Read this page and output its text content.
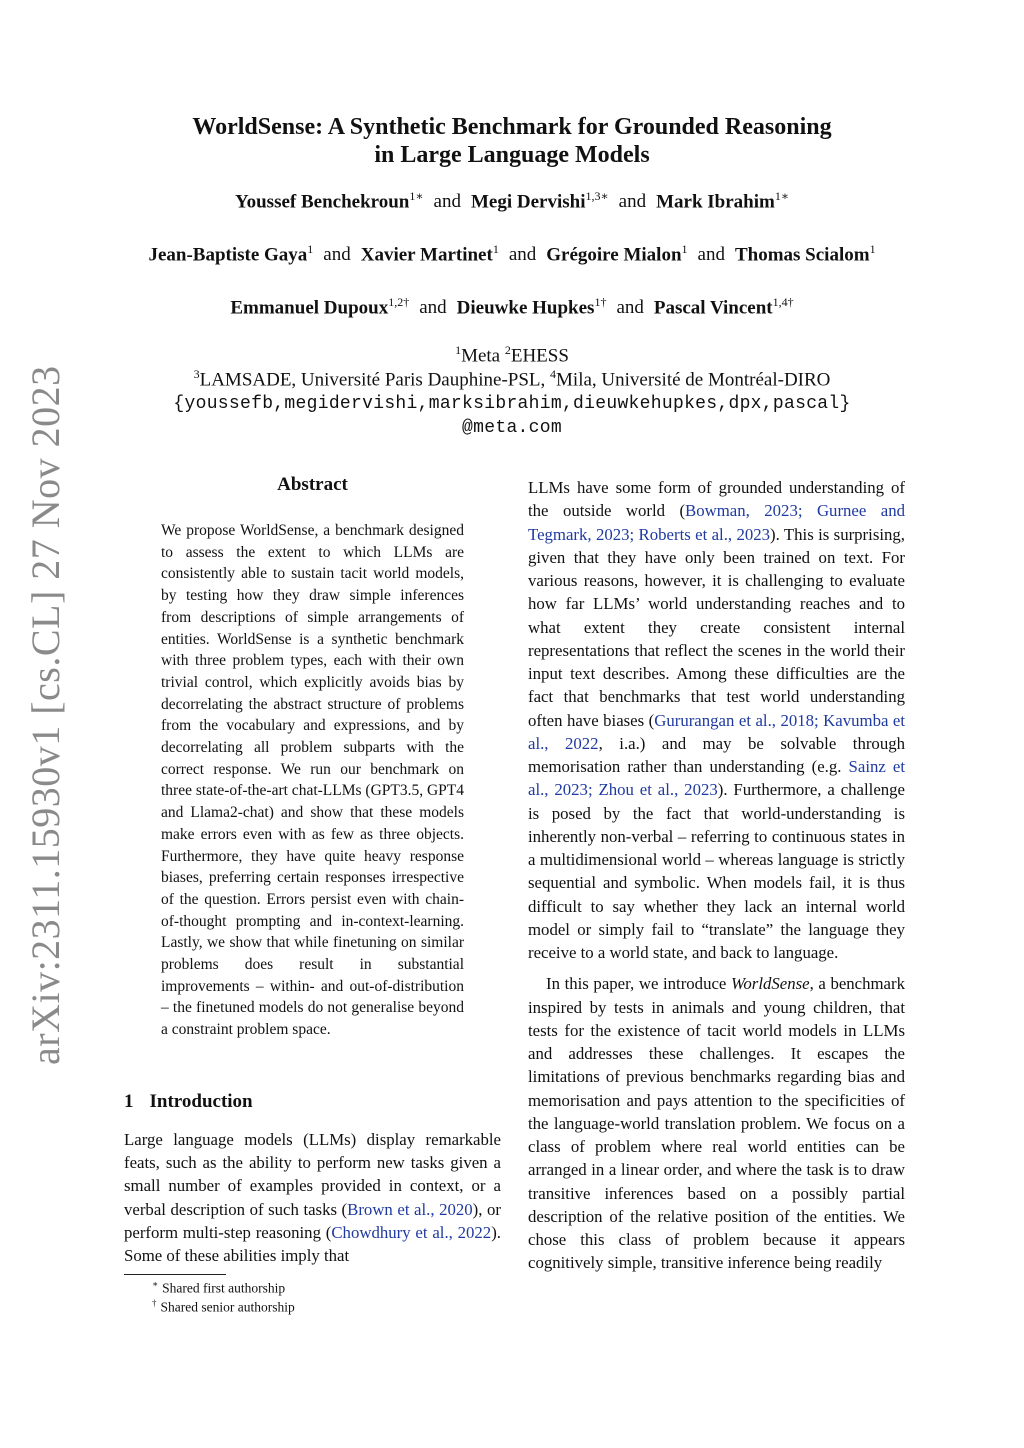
arXiv:2311.15930v1 [cs.CL] 27 Nov 2023
WorldSense: A Synthetic Benchmark for Grounded Reasoning
in Large Language Models
Youssef Benchekroun$^{1∗}$ and Megi Dervishi$^{1,3∗}$ and Mark Ibrahim$^{1∗}$
Jean-Baptiste Gaya$^1$ and Xavier Martinet$^1$ and Grégoire Mialon$^1$ and Thomas Scialom$^1$
Emmanuel Dupoux$^{1,2\dagger}$ and Dieuwke Hupkes$^{1\dagger}$ and Pascal Vincent$^{1,4\dagger}$
$^1$Meta $^2$EHESS
$^3$LAMSADE, Université Paris Dauphine-PSL, $^4$Mila, Université de Montréal-DIRO
{youssefb,megidervishi,marksibrahim,dieuwkehupkes,dpx,pascal}
@meta.com
Abstract
We propose WorldSense, a benchmark designed to assess the extent to which LLMs are consistently able to sustain tacit world models, by testing how they draw simple inferences from descriptions of simple arrangements of entities. WorldSense is a synthetic benchmark with three problem types, each with their own trivial control, which explicitly avoids bias by decorrelating the abstract structure of problems from the vocabulary and expressions, and by decorrelating all problem subparts with the correct response. We run our benchmark on three state-of-the-art chat-LLMs (GPT3.5, GPT4 and Llama2-chat) and show that these models make errors even with as few as three objects. Furthermore, they have quite heavy response biases, preferring certain responses irrespective of the question. Errors persist even with chain-of-thought prompting and in-context-learning. Lastly, we show that while finetuning on similar problems does result in substantial improvements – within- and out-of-distribution – the finetuned models do not generalise beyond a constraint problem space.
1 Introduction
Large language models (LLMs) display remarkable feats, such as the ability to perform new tasks given a small number of examples provided in context, or a verbal description of such tasks (Brown et al., 2020), or perform multi-step reasoning (Chowdhury et al., 2022). Some of these abilities imply that
∗ Shared first authorship
† Shared senior authorship

LLMs have some form of grounded understanding of the outside world (Bowman, 2023; Gurnee and Tegmark, 2023; Roberts et al., 2023). This is surprising, given that they have only been trained on text. For various reasons, however, it is challenging to evaluate how far LLMs’ world understanding reaches and to what extent they create consistent internal representations that reflect the scenes in the world their input text describes. Among these difficulties are the fact that benchmarks that test world understanding often have biases (Gururangan et al., 2018; Kavumba et al., 2022, i.a.) and may be solvable through memorisation rather than understanding (e.g. Sainz et al., 2023; Zhou et al., 2023). Furthermore, a challenge is posed by the fact that world-understanding is inherently non-verbal – referring to continuous states in a multidimensional world – whereas language is strictly sequential and symbolic. When models fail, it is thus difficult to say whether they lack an internal world model or simply fail to “translate” the language they receive to a world state, and back to language.

In this paper, we introduce WorldSense, a benchmark inspired by tests in animals and young children, that tests for the existence of tacit world models in LLMs and addresses these challenges. It escapes the limitations of previous benchmarks regarding bias and memorisation and pays attention to the specificities of the language-world translation problem. We focus on a class of problem where real world entities can be arranged in a linear order, and where the task is to draw transitive inferences based on a possibly partial description of the relative position of the entities. We chose this class of problem because it appears cognitively simple, transitive inference being readily
